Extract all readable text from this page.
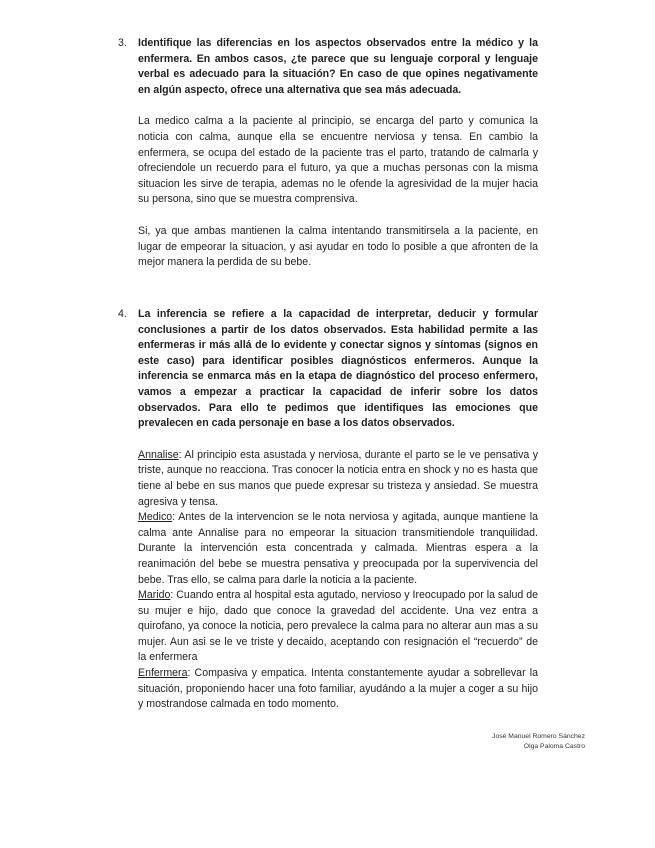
3. Identifique las diferencias en los aspectos observados entre la médico y la enfermera. En ambos casos, ¿te parece que su lenguaje corporal y lenguaje verbal es adecuado para la situación? En caso de que opines negativamente en algún aspecto, ofrece una alternativa que sea más adecuada.

La medico calma a la paciente al principio, se encarga del parto y comunica la noticia con calma, aunque ella se encuentre nerviosa y tensa. En cambio la enfermera, se ocupa del estado de la paciente tras el parto, tratando de calmarla y ofreciendole un recuerdo para el futuro, ya que a muchas personas con la misma situacion les sirve de terapia, ademas no le ofende la agresividad de la mujer hacia su persona, sino que se muestra comprensiva.

Si, ya que ambas mantienen la calma intentando transmitirsela a la paciente, en lugar de empeorar la situacion, y asi ayudar en todo lo posible a que afronten de la mejor manera la perdida de su bebe.

4. La inferencia se refiere a la capacidad de interpretar, deducir y formular conclusiones a partir de los datos observados. Esta habilidad permite a las enfermeras ir más allá de lo evidente y conectar signos y síntomas (signos en este caso) para identificar posibles diagnósticos enfermeros. Aunque la inferencia se enmarca más en la etapa de diagnóstico del proceso enfermero, vamos a empezar a practicar la capacidad de inferir sobre los datos observados. Para ello te pedimos que identifiques las emociones que prevalecen en cada personaje en base a los datos observados.

Annalise: Al principio esta asustada y nerviosa, durante el parto se le ve pensativa y triste, aunque no reacciona. Tras conocer la noticia entra en shock y no es hasta que tiene al bebe en sus manos que puede expresar su tristeza y ansiedad. Se muestra agresiva y tensa.

Medico: Antes de la intervencion se le nota nerviosa y agitada, aunque mantiene la calma ante Annalise para no empeorar la situacion transmitiendole tranquilidad. Durante la intervención esta concentrada y calmada. Mientras espera a la reanimación del bebe se muestra pensativa y preocupada por la supervivencia del bebe. Tras ello, se calma para darle la noticia a la paciente.

Marido: Cuando entra al hospital esta agutado, nervioso y Ireocupado por la salud de su mujer e hijo, dado que conoce la gravedad del accidente. Una vez entra a quirofano, ya conoce la noticia, pero prevalece la calma para no alterar aun mas a su mujer. Aun asi se le ve triste y decaido, aceptando con resignación el “recuerdo” de la enfermera

Enfermera: Compasiva y empatica. Intenta constantemente ayudar a sobrellevar la situación, proponiendo hacer una foto familiar, ayudándo a la mujer a coger a su hijo y mostrandose calmada en todo momento.

José Manuel Romero Sánchez
Olga Paloma Castro
